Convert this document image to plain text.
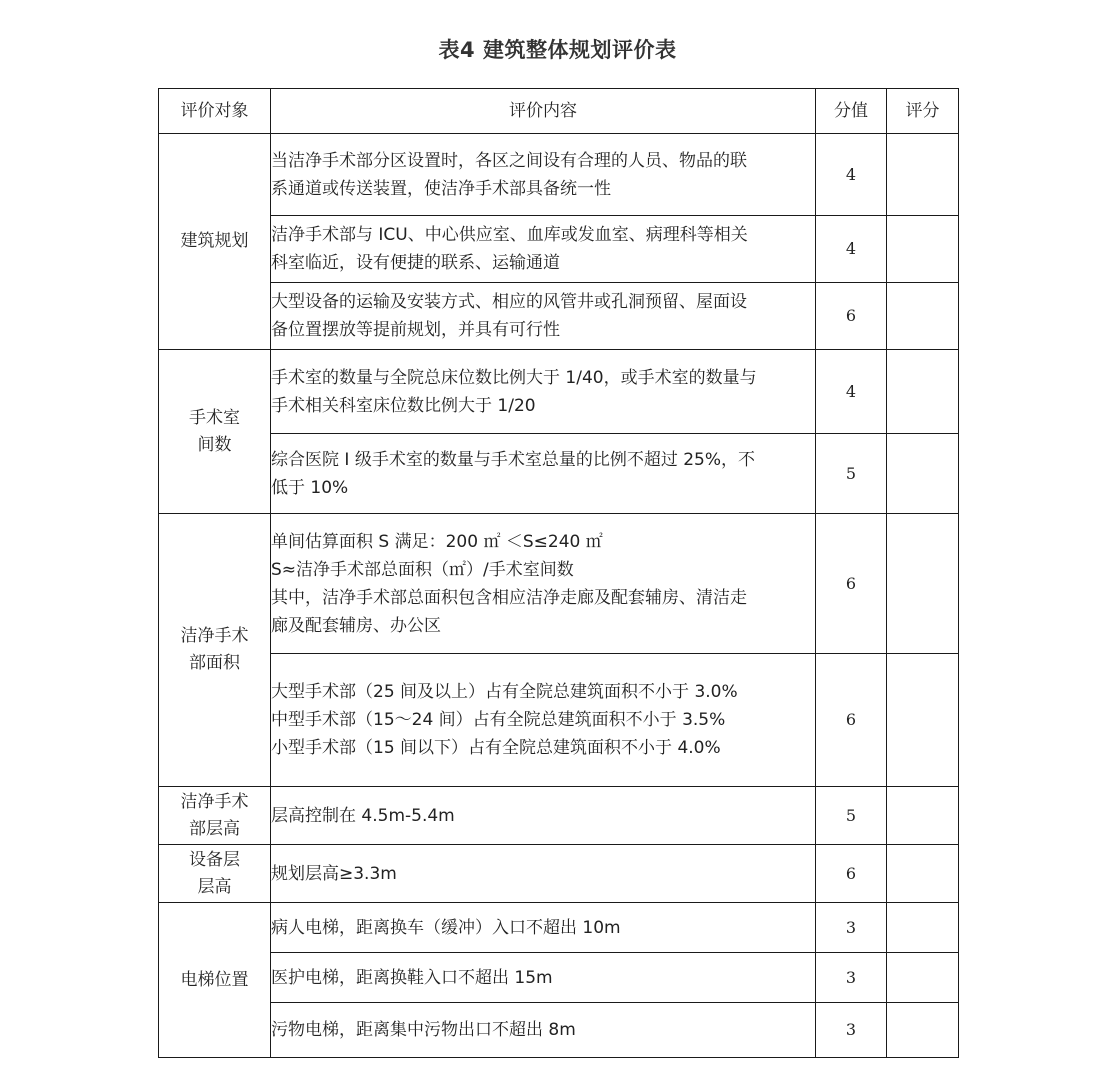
表4 建筑整体规划评价表
评价对象	评价内容	分值	评分

建筑规划	当洁净手术部分区设置时，各区之间设有合理的人员、物品的联
系通道或传送装置，使洁净手术部具备统一性	4	

	洁净手术部与 ICU、中心供应室、血库或发血室、病理科等相关
科室临近，设有便捷的联系、运输通道	4	

	大型设备的运输及安装方式、相应的风管井或孔洞预留、屋面设
备位置摆放等提前规划，并具有可行性	6	

手术室
间数	手术室的数量与全院总床位数比例大于 1/40，或手术室的数量与
手术相关科室床位数比例大于 1/20	4	

	综合医院 I 级手术室的数量与手术室总量的比例不超过 25%，不
低于 10%	5	

洁净手术
部面积	单间估算面积 S 满足：200 ㎡ ＜S≤240 ㎡
S≈洁净手术部总面积（㎡）/手术室间数
其中，洁净手术部总面积包含相应洁净走廊及配套辅房、清洁走
廊及配套辅房、办公区	6	

	大型手术部（25 间及以上）占有全院总建筑面积不小于 3.0%
中型手术部（15～24 间）占有全院总建筑面积不小于 3.5%
小型手术部（15 间以下）占有全院总建筑面积不小于 4.0%	6	

洁净手术
部层高	层高控制在 4.5m-5.4m	5	

设备层
层高	规划层高≥3.3m	6	

电梯位置	病人电梯，距离换车（缓冲）入口不超出 10m	3	

	医护电梯，距离换鞋入口不超出 15m	3	

	污物电梯，距离集中污物出口不超出 8m	3	
